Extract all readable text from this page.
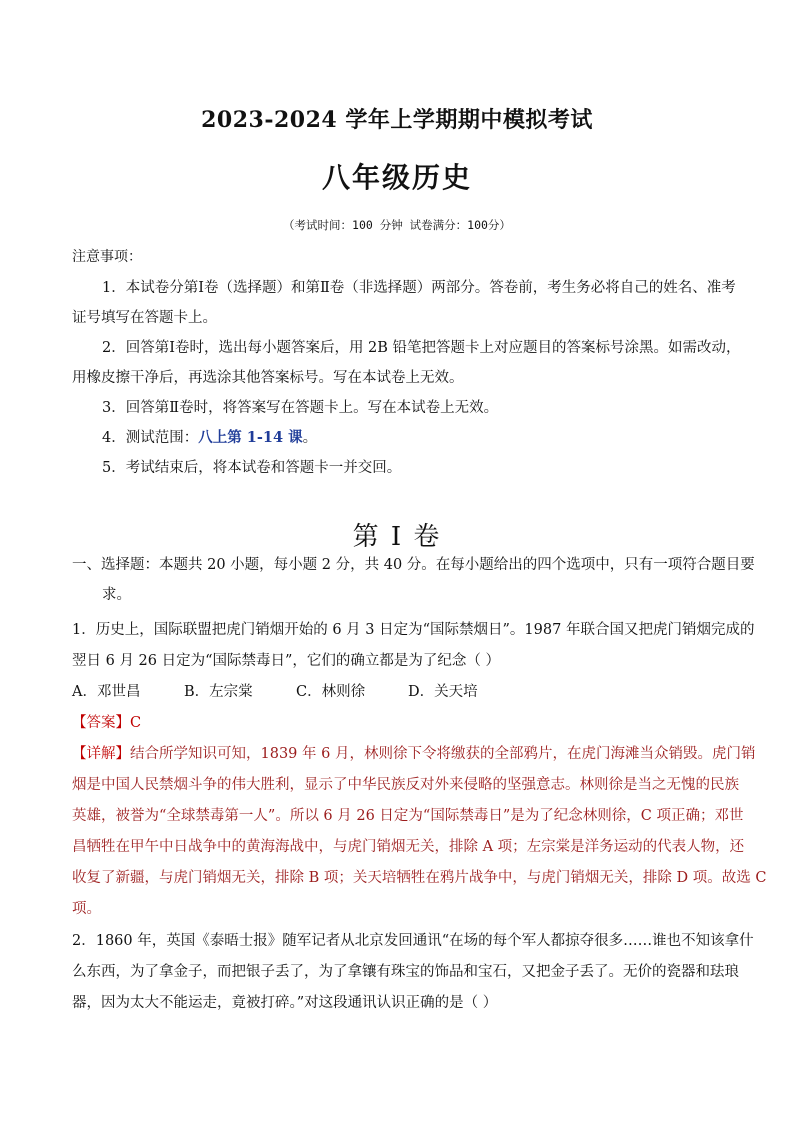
2023-2024 学年上学期期中模拟考试
八年级历史
（考试时间：100 分钟 试卷满分：100分）
注意事项：
1．本试卷分第Ⅰ卷（选择题）和第Ⅱ卷（非选择题）两部分。答卷前，考生务必将自己的姓名、准考
证号填写在答题卡上。
2．回答第Ⅰ卷时，选出每小题答案后，用 2B 铅笔把答题卡上对应题目的答案标号涂黑。如需改动，
用橡皮擦干净后，再选涂其他答案标号。写在本试卷上无效。
3．回答第Ⅱ卷时，将答案写在答题卡上。写在本试卷上无效。
4．测试范围：八上第 1-14 课。
5．考试结束后，将本试卷和答题卡一并交回。
第 I 卷
一、选择题：本题共 20 小题，每小题 2 分，共 40 分。在每小题给出的四个选项中，只有一项符合题目要
求。
1．历史上，国际联盟把虎门销烟开始的 6 月 3 日定为“国际禁烟日”。1987 年联合国又把虎门销烟完成的
翌日 6 月 26 日定为“国际禁毒日”，它们的确立都是为了纪念（ ）
A．邓世昌	B．左宗棠	C．林则徐	D．关天培
【答案】C
【详解】结合所学知识可知，1839 年 6 月，林则徐下令将缴获的全部鸦片，在虎门海滩当众销毁。虎门销
烟是中国人民禁烟斗争的伟大胜利，显示了中华民族反对外来侵略的坚强意志。林则徐是当之无愧的民族
英雄，被誉为“全球禁毒第一人”。所以 6 月 26 日定为“国际禁毒日”是为了纪念林则徐，C 项正确；邓世
昌牺牲在甲午中日战争中的黄海海战中，与虎门销烟无关，排除 A 项；左宗棠是洋务运动的代表人物，还
收复了新疆，与虎门销烟无关，排除 B 项；关天培牺牲在鸦片战争中，与虎门销烟无关，排除 D 项。故选 C
项。
2．1860 年，英国《泰晤士报》随军记者从北京发回通讯“在场的每个军人都掠夺很多……谁也不知该拿什
么东西，为了拿金子，而把银子丢了，为了拿镶有珠宝的饰品和宝石，又把金子丢了。无价的瓷器和珐琅
器，因为太大不能运走，竟被打碎。”对这段通讯认识正确的是（ ）
